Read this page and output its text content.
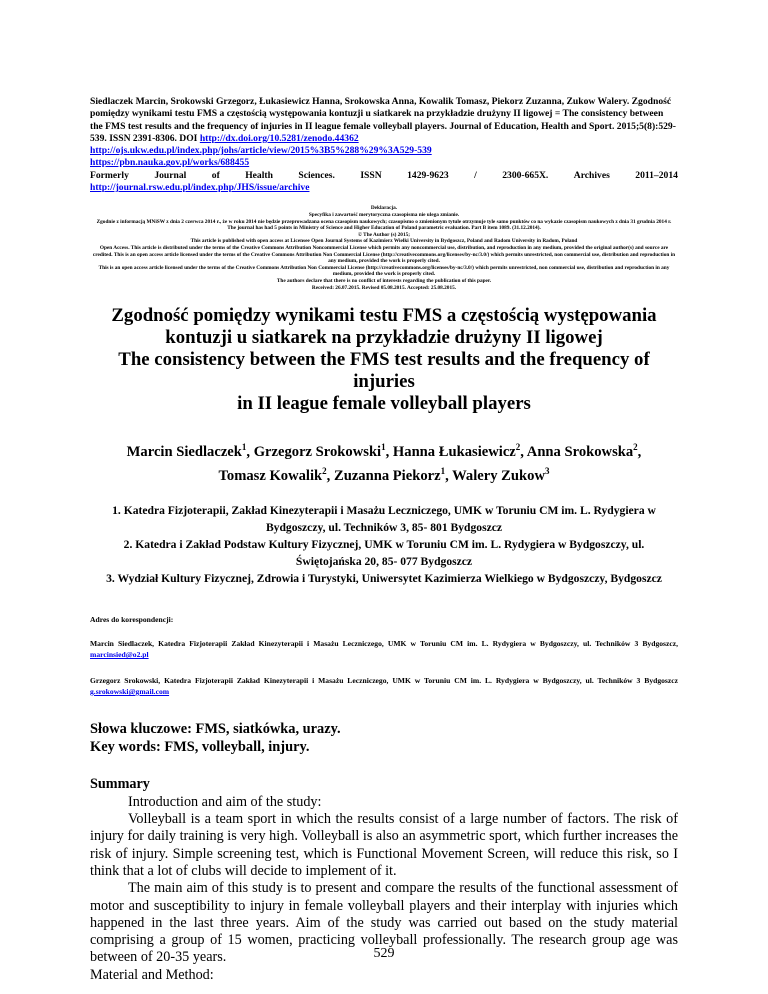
Siedlaczek Marcin, Srokowski Grzegorz, Łukasiewicz Hanna, Srokowska Anna, Kowalik Tomasz, Piekorz Zuzanna, Zukow Walery. Zgodność pomiędzy wynikami testu FMS a częstością występowania kontuzji u siatkarek na przykładzie drużyny II ligowej = The consistency between the FMS test results and the frequency of injuries in II league female volleyball players. Journal of Education, Health and Sport. 2015;5(8):529-539. ISSN 2391-8306. DOI http://dx.doi.org/10.5281/zenodo.44362

http://ojs.ukw.edu.pl/index.php/johs/article/view/2015%3B5%288%29%3A529-539

https://pbn.nauka.gov.pl/works/688455

Formerly	Journal	of	Health	Sciences.	ISSN	1429-9623	/	2300-665X.	Archives	2011–2014

http://journal.rsw.edu.pl/index.php/JHS/issue/archive

Deklaracja.

Specyfika i zawartość merytoryczna czasopisma nie ulega zmianie.

Zgodnie z informacją MNiSW z dnia 2 czerwca 2014 r., że w roku 2014 nie będzie przeprowadzana ocena czasopism naukowych; czasopismo o zmienionym tytule otrzymuje tyle samo punktów co na wykazie czasopism naukowych z dnia 31 grudnia 2014 r.

The journal has had 5 points in Ministry of Science and Higher Education of Poland parametric evaluation. Part B item 1089. (31.12.2014).

© The Author (s) 2015;

This article is published with open access at Licensee Open Journal Systems of Kazimierz Wielki University in Bydgoszcz, Poland and Radom University in Radom, Poland

Open Access. This article is distributed under the terms of the Creative Commons Attribution Noncommercial License which permits any noncommercial use, distribution, and reproduction in any medium, provided the original author(s) and source are credited. This is an open access article licensed under the terms of the Creative Commons Attribution Non Commercial License (http://creativecommons.org/licenses/by-nc/3.0/) which permits unrestricted, non commercial use, distribution and reproduction in any medium, provided the work is properly cited.

This is an open access article licensed under the terms of the Creative Commons Attribution Non Commercial License (http://creativecommons.org/licenses/by-nc/3.0/) which permits unrestricted, non commercial use, distribution and reproduction in any medium, provided the work is properly cited.

The authors declare that there is no conflict of interests regarding the publication of this paper.

Received: 26.07.2015. Revised 05.08.2015. Accepted: 25.08.2015.

Zgodność pomiędzy wynikami testu FMS a częstością występowania

kontuzji u siatkarek na przykładzie drużyny II ligowej

The consistency between the FMS test results and the frequency of injuries

in II league female volleyball players

Marcin Siedlaczek$^1$, Grzegorz Srokowski$^1$, Hanna Łukasiewicz$^2$, Anna Srokowska$^2$,
Tomasz Kowalik$^2$, Zuzanna Piekorz$^1$, Walery Zukow$^3$

1. Katedra Fizjoterapii, Zakład Kinezyterapii i Masażu Leczniczego, UMK w Toruniu CM im. L. Rydygiera w Bydgoszczy, ul. Techników 3, 85- 801 Bydgoszcz

2. Katedra i Zakład Podstaw Kultury Fizycznej, UMK w Toruniu CM im. L. Rydygiera w Bydgoszczy, ul. Świętojańska 20, 85- 077 Bydgoszcz

3. Wydział Kultury Fizycznej, Zdrowia i Turystyki, Uniwersytet Kazimierza Wielkiego w Bydgoszczy, Bydgoszcz

Adres do korespondencji:
Marcin Siedlaczek, Katedra Fizjoterapii Zakład Kinezyterapii i Masażu Leczniczego, UMK w Toruniu CM im. L. Rydygiera w Bydgoszczy, ul. Techników 3 Bydgoszcz, marcinsied@o2.pl
Grzegorz Srokowski, Katedra Fizjoterapii Zakład Kinezyterapii i Masażu Leczniczego, UMK w Toruniu CM im. L. Rydygiera w Bydgoszczy, ul. Techników 3 Bydgoszcz g.srokowski@gmail.com

Słowa kluczowe: FMS, siatkówka, urazy.

Key words: FMS, volleyball, injury.

Summary

Introduction and aim of the study:

Volleyball is a team sport in which the results consist of a large number of factors. The risk of injury for daily training is very high. Volleyball is also an asymmetric sport, which further increases the risk of injury. Simple screening test, which is Functional Movement Screen, will reduce this risk, so I think that a lot of clubs will decide to implement of it.

The main aim of this study is to present and compare the results of the functional assessment of motor and susceptibility to injury in female volleyball players and their interplay with injuries which happened in the last three years. Aim of the study was carried out based on the study material comprising a group of 15 women, practicing volleyball professionally. The research group age was between of 20-35 years.

Material and Method:

529
